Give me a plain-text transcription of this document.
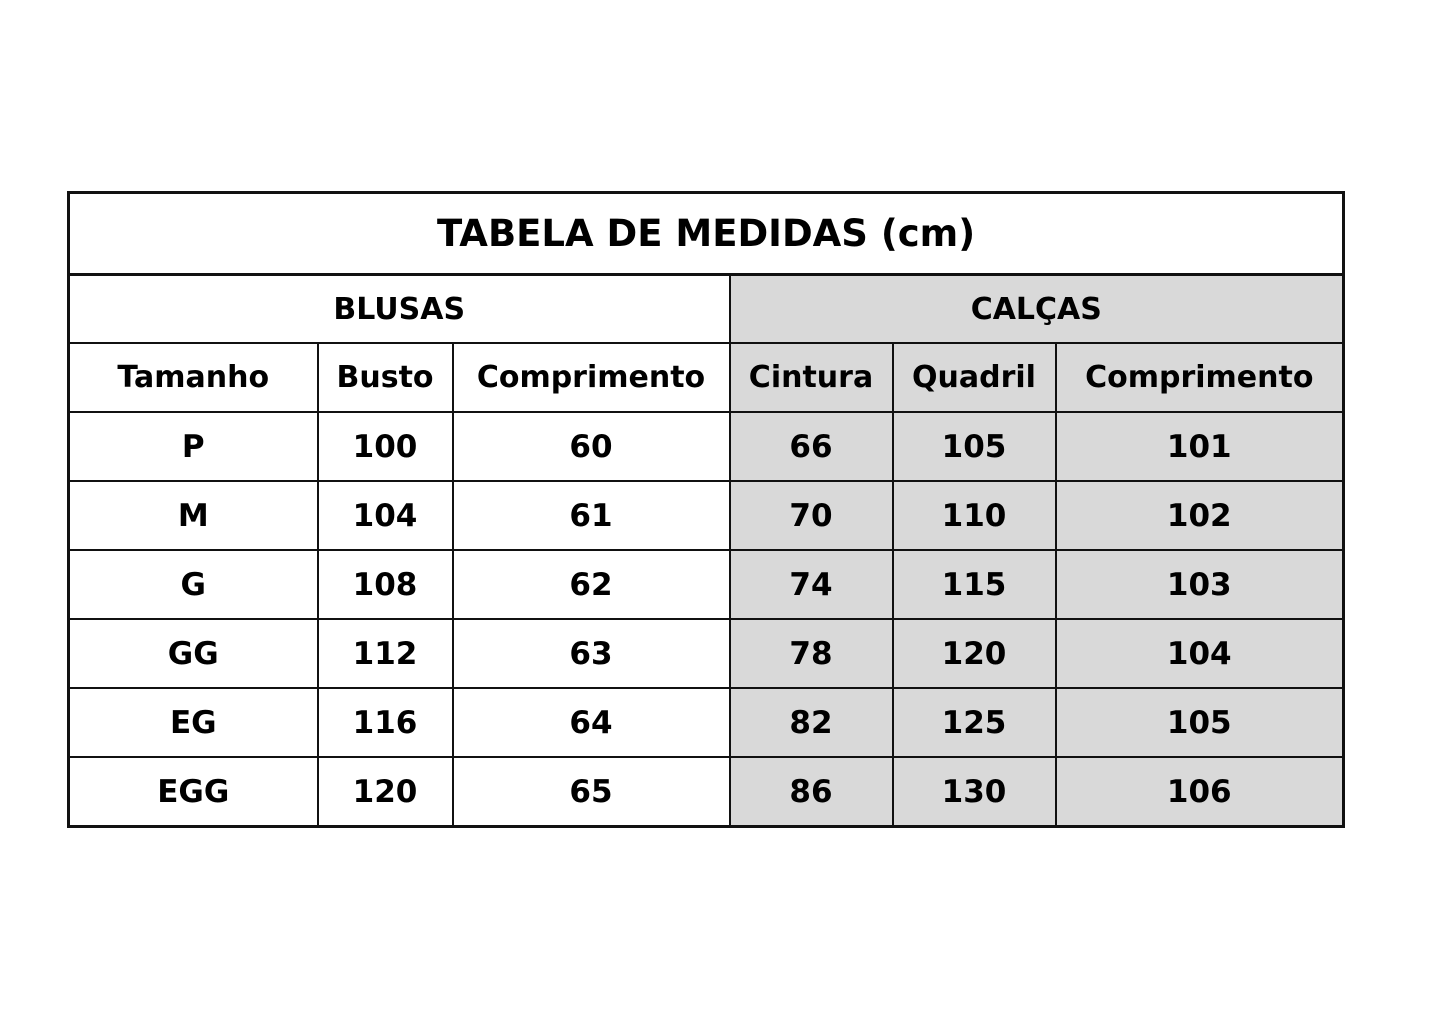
TABELA DE MEDIDAS (cm)					
BLUSAS			CALÇAS		
Tamanho	Busto	Comprimento	Cintura	Quadril	Comprimento
P	100	60	66	105	101
M	104	61	70	110	102
G	108	62	74	115	103
GG	112	63	78	120	104
EG	116	64	82	125	105
EGG	120	65	86	130	106
